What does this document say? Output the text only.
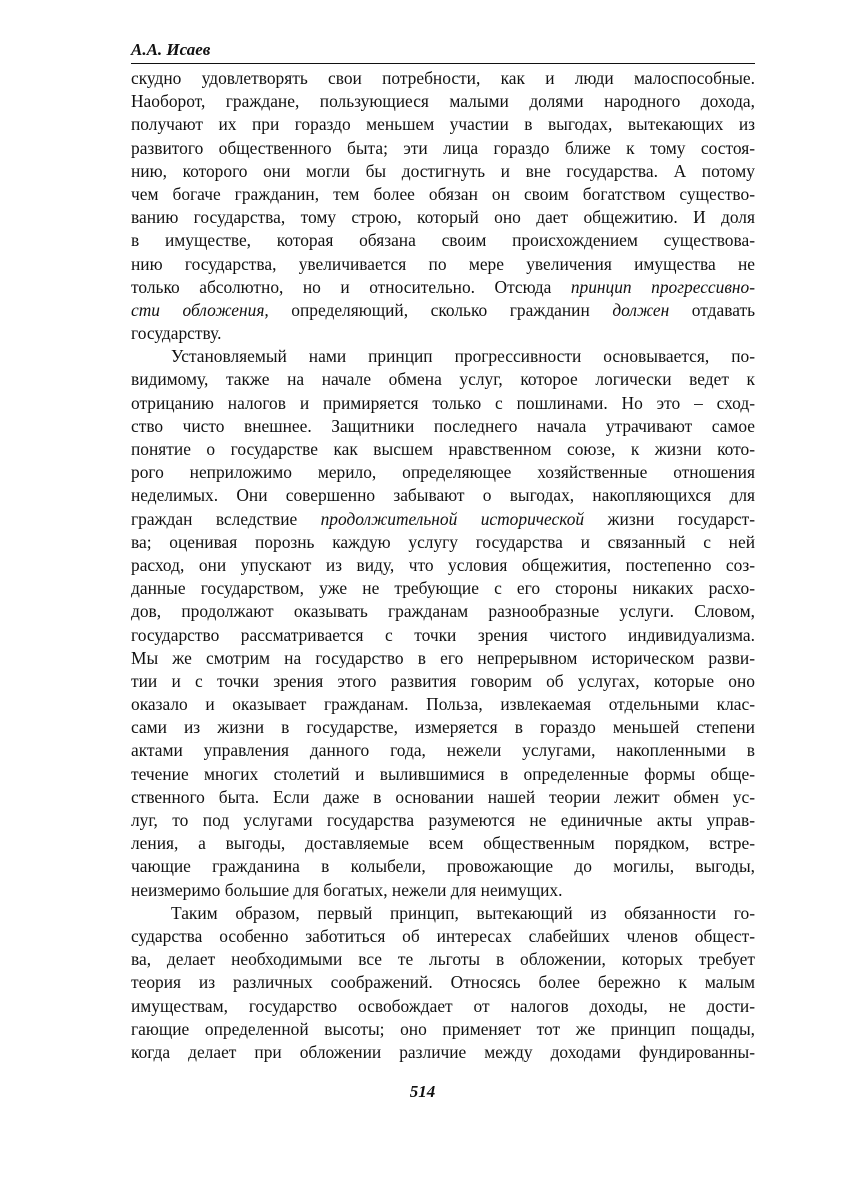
А.А. Исаев
скудно удовлетворять свои потребности, как и люди малоспособные.
Наоборот, граждане, пользующиеся малыми долями народного дохода,
получают их при гораздо меньшем участии в выгодах, вытекающих из
развитого общественного быта; эти лица гораздо ближе к тому состоя-
нию, которого они могли бы достигнуть и вне государства. А потому
чем богаче гражданин, тем более обязан он своим богатством существо-
ванию государства, тому строю, который оно дает общежитию. И доля
в имуществе, которая обязана своим происхождением существова-
нию государства, увеличивается по мере увеличения имущества не
только абсолютно, но и относительно. Отсюда принцип прогрессивно-
сти обложения, определяющий, сколько гражданин должен отдавать
государству.
Установляемый нами принцип прогрессивности основывается, по-
видимому, также на начале обмена услуг, которое логически ведет к
отрицанию налогов и примиряется только с пошлинами. Но это – сход-
ство чисто внешнее. Защитники последнего начала утрачивают самое
понятие о государстве как высшем нравственном союзе, к жизни кото-
рого неприложимо мерило, определяющее хозяйственные отношения
неделимых. Они совершенно забывают о выгодах, накопляющихся для
граждан вследствие продолжительной исторической жизни государст-
ва; оценивая порознь каждую услугу государства и связанный с ней
расход, они упускают из виду, что условия общежития, постепенно соз-
данные государством, уже не требующие с его стороны никаких расхо-
дов, продолжают оказывать гражданам разнообразные услуги. Словом,
государство рассматривается с точки зрения чистого индивидуализма.
Мы же смотрим на государство в его непрерывном историческом разви-
тии и с точки зрения этого развития говорим об услугах, которые оно
оказало и оказывает гражданам. Польза, извлекаемая отдельными клас-
сами из жизни в государстве, измеряется в гораздо меньшей степени
актами управления данного года, нежели услугами, накопленными в
течение многих столетий и вылившимися в определенные формы обще-
ственного быта. Если даже в основании нашей теории лежит обмен ус-
луг, то под услугами государства разумеются не единичные акты управ-
ления, а выгоды, доставляемые всем общественным порядком, встре-
чающие гражданина в колыбели, провожающие до могилы, выгоды,
неизмеримо большие для богатых, нежели для неимущих.
Таким образом, первый принцип, вытекающий из обязанности го-
сударства особенно заботиться об интересах слабейших членов общест-
ва, делает необходимыми все те льготы в обложении, которых требует
теория из различных соображений. Относясь более бережно к малым
имуществам, государство освобождает от налогов доходы, не дости-
гающие определенной высоты; оно применяет тот же принцип пощады,
когда делает при обложении различие между доходами фундированны-
514
